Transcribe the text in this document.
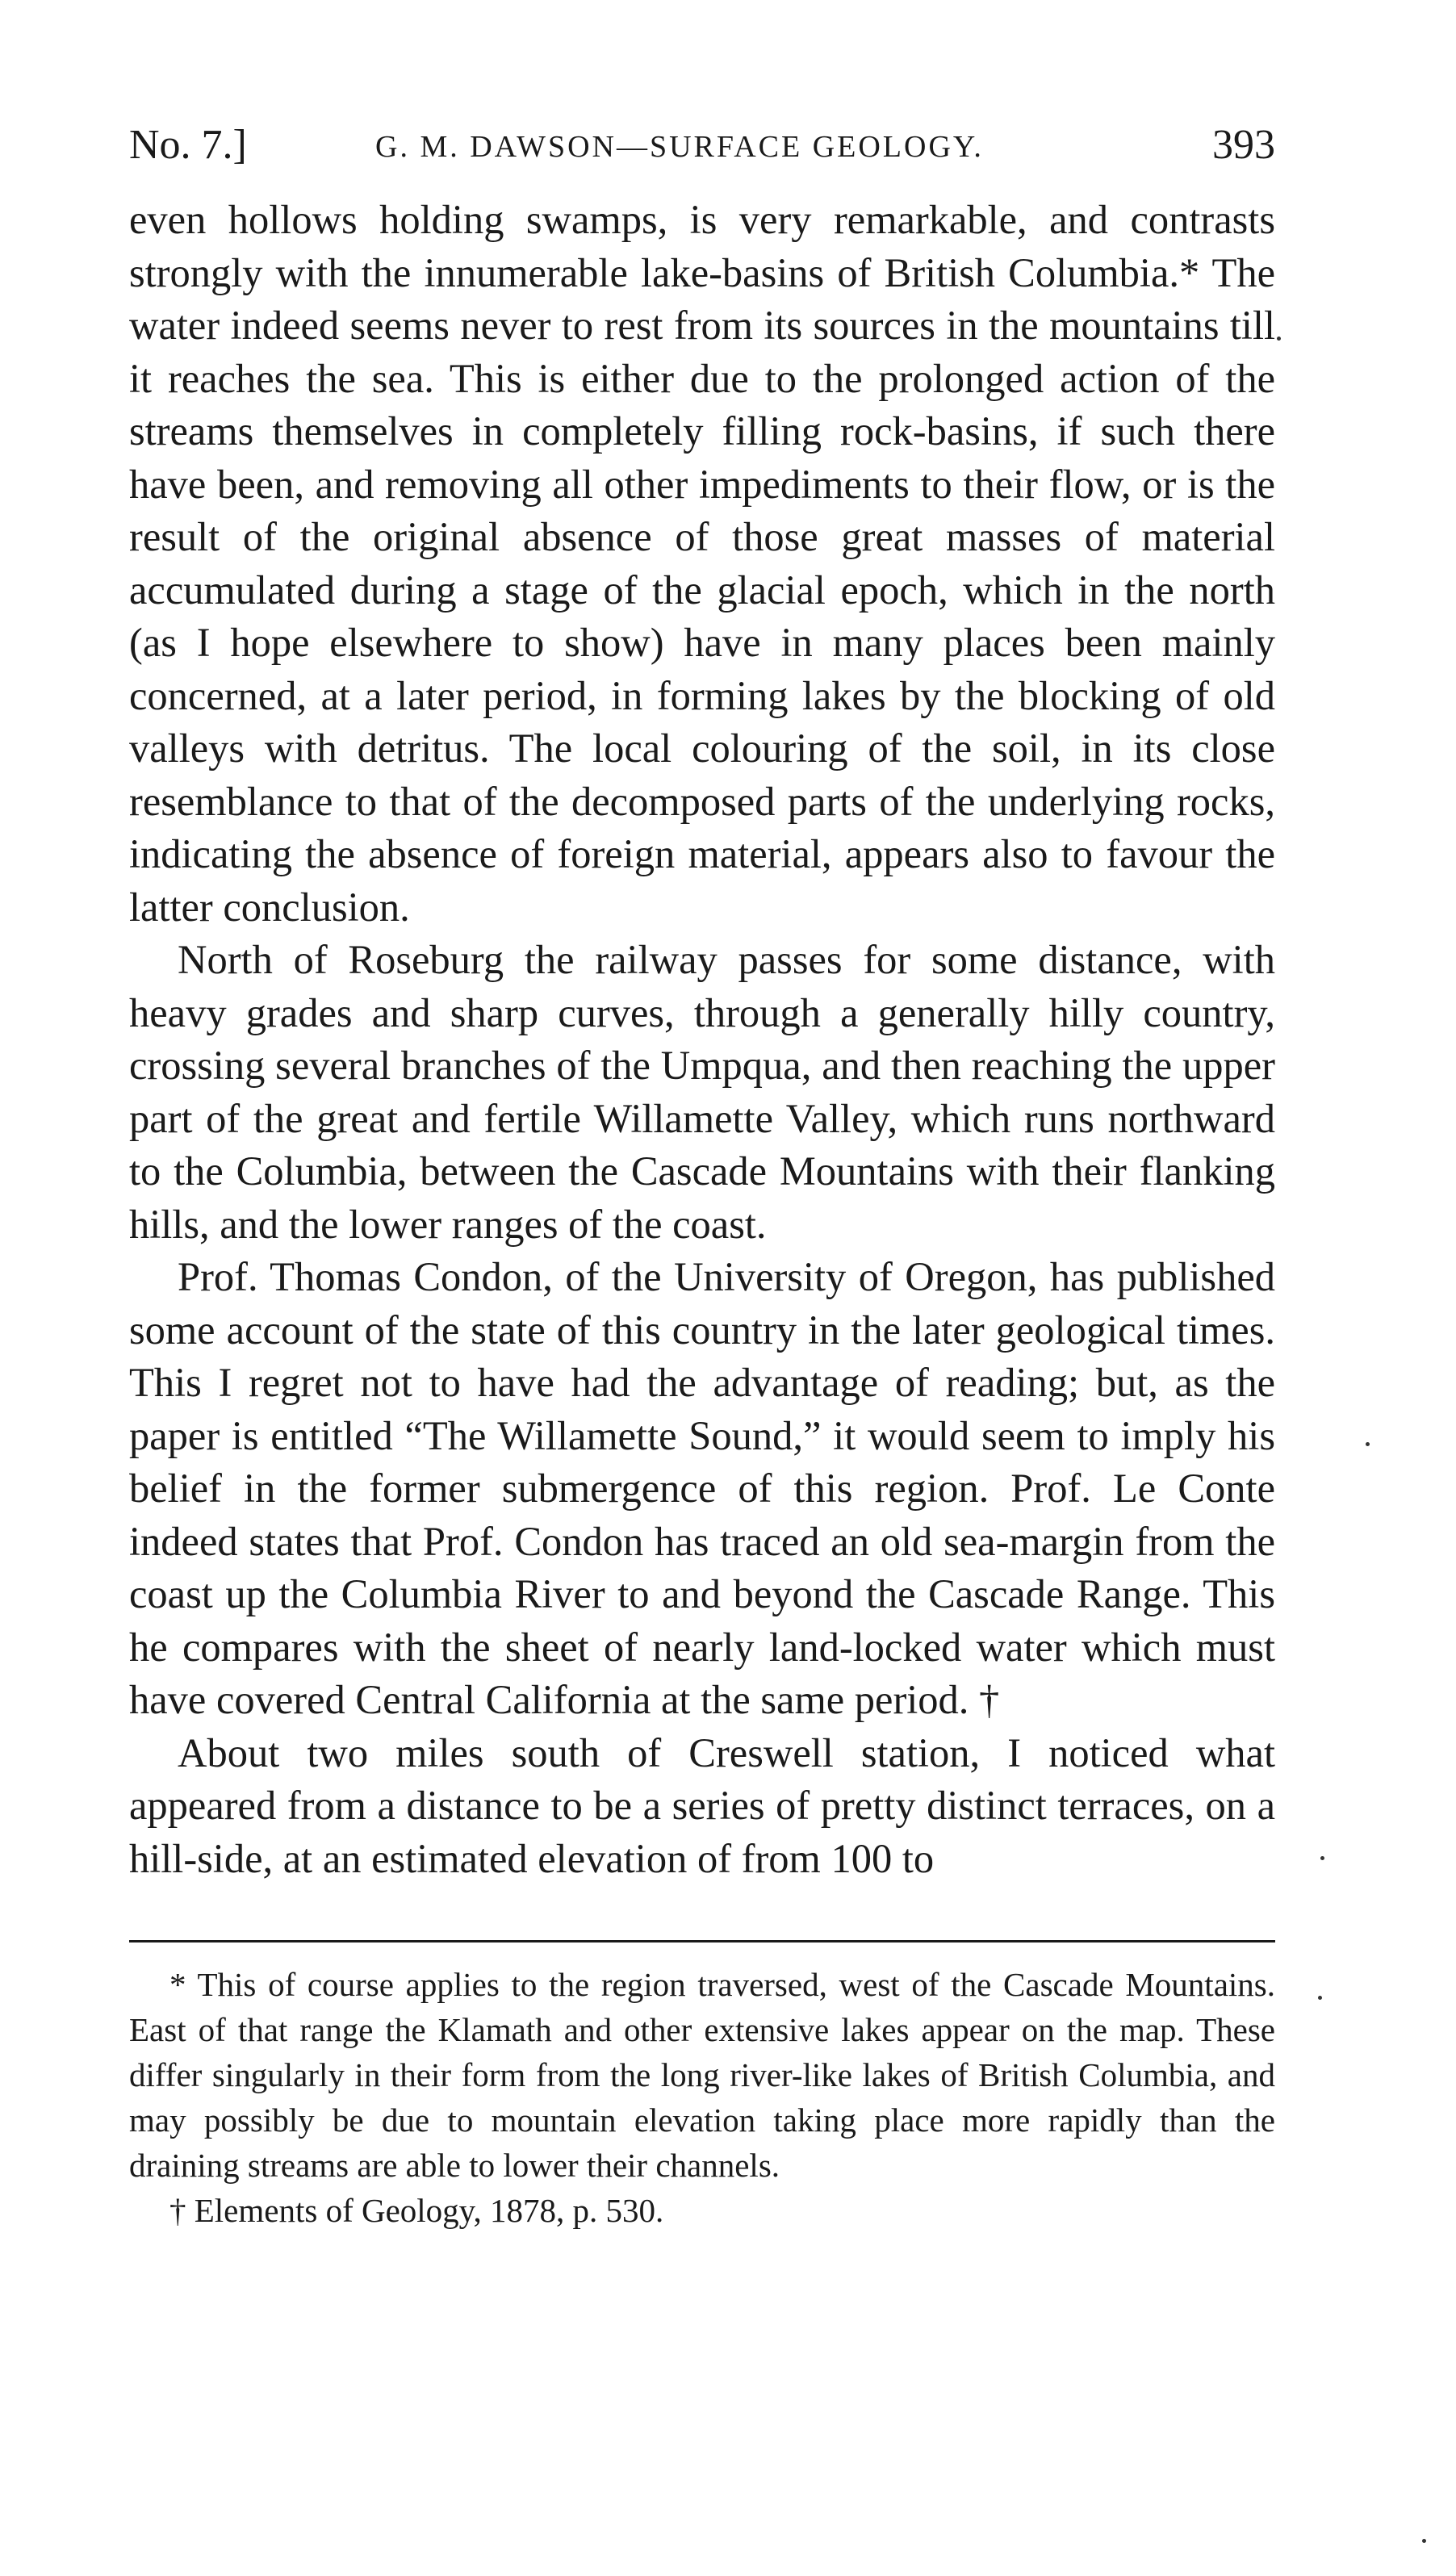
No. 7.]	G. M. DAWSON—SURFACE GEOLOGY.	393

even hollows holding swamps, is very remarkable, and contrasts strongly with the innumerable lake-basins of British Columbia.* The water indeed seems never to rest from its sources in the mountains till it reaches the sea. This is either due to the prolonged action of the streams themselves in completely filling rock-basins, if such there have been, and removing all other impediments to their flow, or is the result of the original absence of those great masses of material accumulated during a stage of the glacial epoch, which in the north (as I hope elsewhere to show) have in many places been mainly concerned, at a later period, in forming lakes by the blocking of old valleys with detritus. The local colouring of the soil, in its close resemblance to that of the decomposed parts of the underlying rocks, indicating the absence of foreign material, appears also to favour the latter conclusion.

North of Roseburg the railway passes for some distance, with heavy grades and sharp curves, through a generally hilly country, crossing several branches of the Umpqua, and then reaching the upper part of the great and fertile Willamette Valley, which runs northward to the Columbia, between the Cascade Mountains with their flanking hills, and the lower ranges of the coast.

Prof. Thomas Condon, of the University of Oregon, has published some account of the state of this country in the later geological times. This I regret not to have had the advantage of reading; but, as the paper is entitled “The Willamette Sound,” it would seem to imply his belief in the former submergence of this region. Prof. Le Conte indeed states that Prof. Condon has traced an old sea-margin from the coast up the Columbia River to and beyond the Cascade Range. This he compares with the sheet of nearly land-locked water which must have covered Central California at the same period. †

About two miles south of Creswell station, I noticed what appeared from a distance to be a series of pretty distinct terraces, on a hill-side, at an estimated elevation of from 100 to

* This of course applies to the region traversed, west of the Cascade Mountains. East of that range the Klamath and other extensive lakes appear on the map. These differ singularly in their form from the long river-like lakes of British Columbia, and may possibly be due to mountain elevation taking place more rapidly than the draining streams are able to lower their channels.

† Elements of Geology, 1878, p. 530.
